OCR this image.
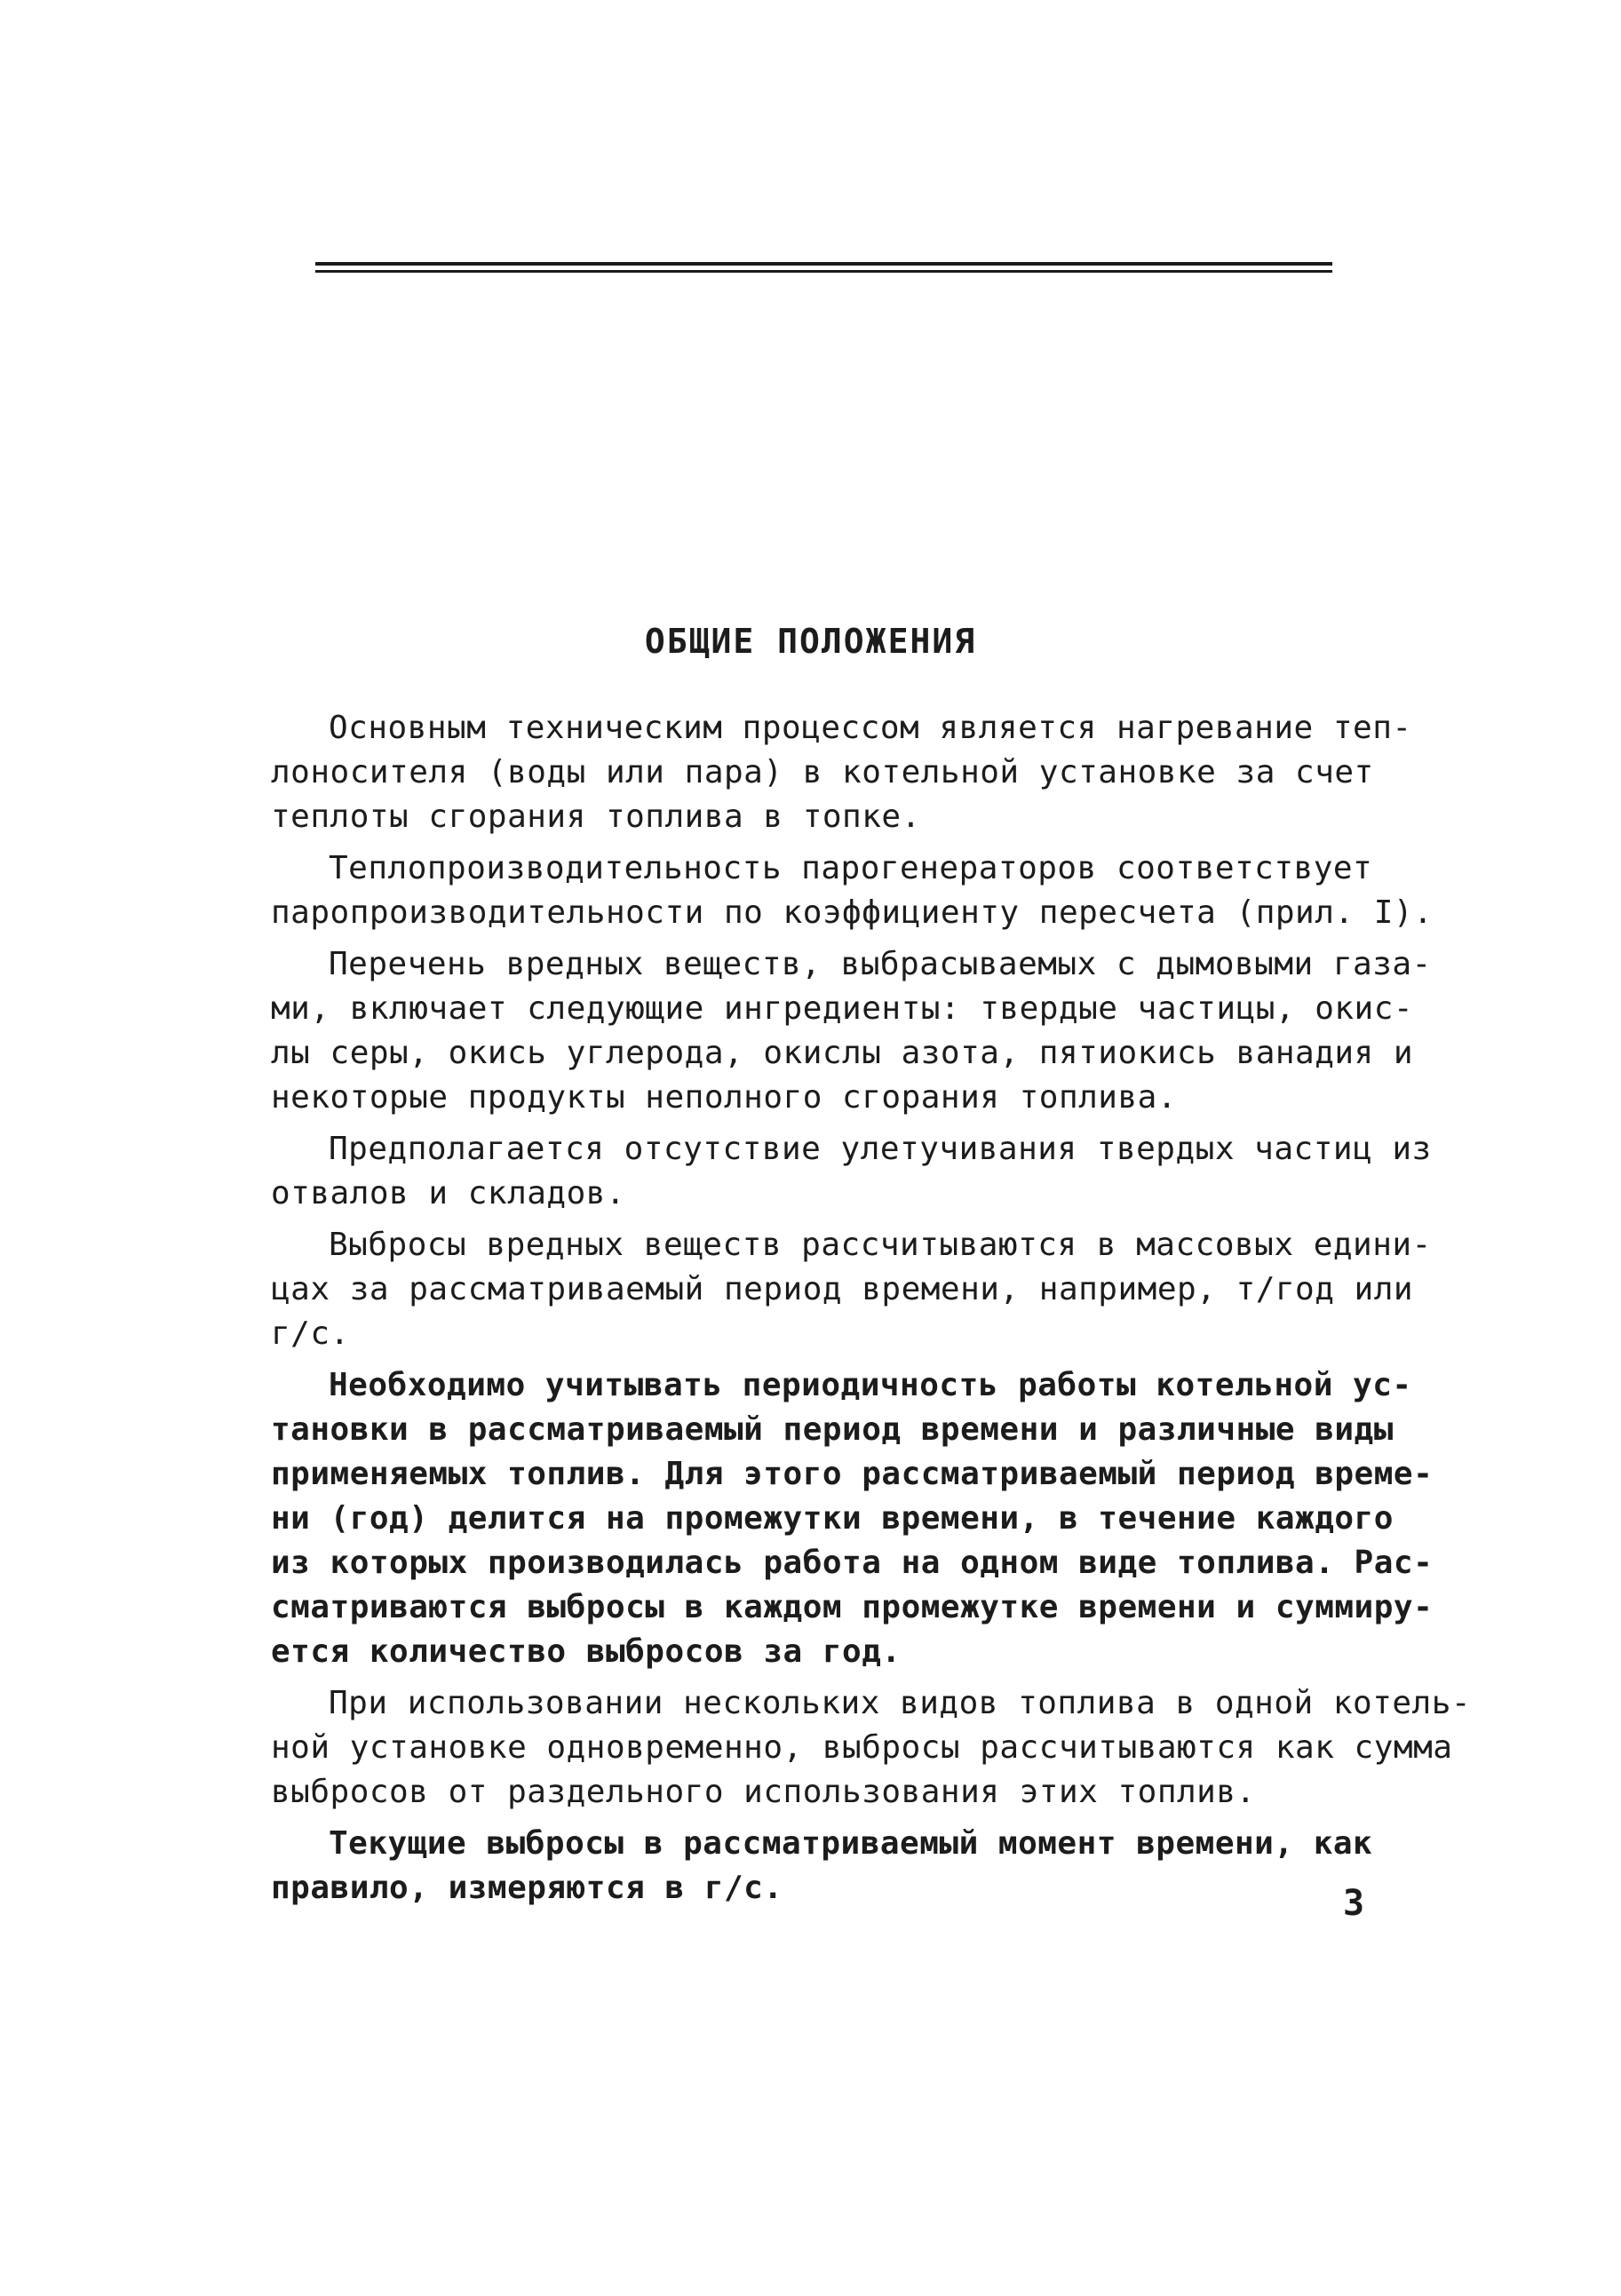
ОБЩИЕ ПОЛОЖЕНИЯ

Основным техническим процессом является нагревание теп-
лоносителя (воды или пара) в котельной установке за счет
теплоты сгорания топлива в топке.

Теплопроизводительность парогенераторов соответствует
паропроизводительности по коэффициенту пересчета (прил. I).

Перечень вредных веществ, выбрасываемых с дымовыми газа-
ми, включает следующие ингредиенты: твердые частицы, окис-
лы серы, окись углерода, окислы азота, пятиокись ванадия и
некоторые продукты неполного сгорания топлива.

Предполагается отсутствие улетучивания твердых частиц из
отвалов и складов.

Выбросы вредных веществ рассчитываются в массовых едини-
цах за рассматриваемый период времени, например, т/год или
г/с.

Необходимо учитывать периодичность работы котельной ус-
тановки в рассматриваемый период времени и различные виды
применяемых топлив. Для этого рассматриваемый период време-
ни (год) делится на промежутки времени, в течение каждого
из которых производилась работа на одном виде топлива. Рас-
сматриваются выбросы в каждом промежутке времени и суммиру-
ется количество выбросов за год.

При использовании нескольких видов топлива в одной котель-
ной установке одновременно, выбросы рассчитываются как сумма
выбросов от раздельного использования этих топлив.

Текущие выбросы в рассматриваемый момент времени, как
правило, измеряются в г/с.	3
